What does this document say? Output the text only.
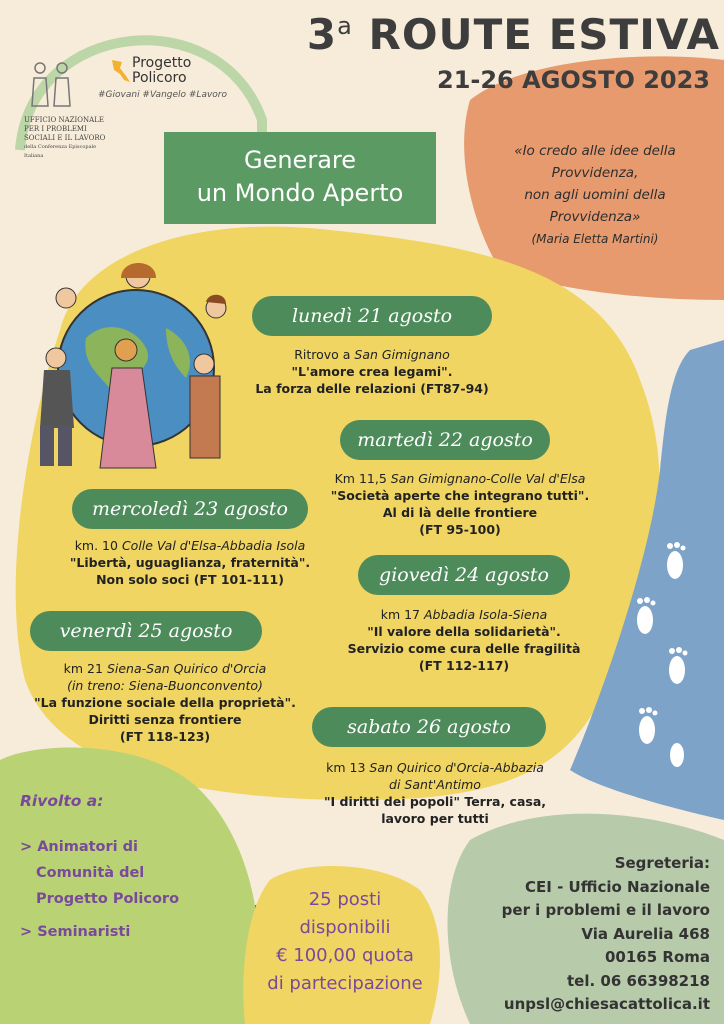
3$^a$ ROUTE ESTIVA
21-26 AGOSTO 2023
UFFICIO NAZIONALE
PER I PROBLEMI
SOCIALI E IL LAVORO
della Conferenza Episcopale Italiana
Progetto
Policoro
#Giovani #Vangelo #Lavoro
Generare
un Mondo Aperto
«Io credo alle idee della
Provvidenza,
non agli uomini della
Provvidenza»
(Maria Eletta Martini)
lunedì 21 agosto
martedì 22 agosto
mercoledì 23 agosto
giovedì 24 agosto
venerdì 25 agosto
sabato 26 agosto
Ritrovo a San Gimignano
"L'amore crea legami".
La forza delle relazioni (FT87-94)
Km 11,5 San Gimignano-Colle Val d'Elsa
"Società aperte che integrano tutti".
Al di là delle frontiere
(FT 95-100)
km. 10 Colle Val d'Elsa-Abbadia Isola
"Libertà, uguaglianza, fraternità".
Non solo soci (FT 101-111)
km 17 Abbadia Isola-Siena
"Il valore della solidarietà".
Servizio come cura delle fragilità
(FT 112-117)
km 21 Siena-San Quirico d'Orcia
(in treno: Siena-Buonconvento)
"La funzione sociale della proprietà".
Diritti senza frontiere
(FT 118-123)
km 13 San Quirico d'Orcia-Abbazia
di Sant'Antimo
"I diritti dei popoli" Terra, casa,
lavoro per tutti
Rivolto a:
> Animatori di
Comunità del
Progetto Policoro
> Seminaristi
25 posti
disponibili
€ 100,00 quota
di partecipazione
Segreteria:
CEI - Ufficio Nazionale
per i problemi e il lavoro
Via Aurelia 468
00165 Roma
tel. 06 66398218
unpsl@chiesacattolica.it
